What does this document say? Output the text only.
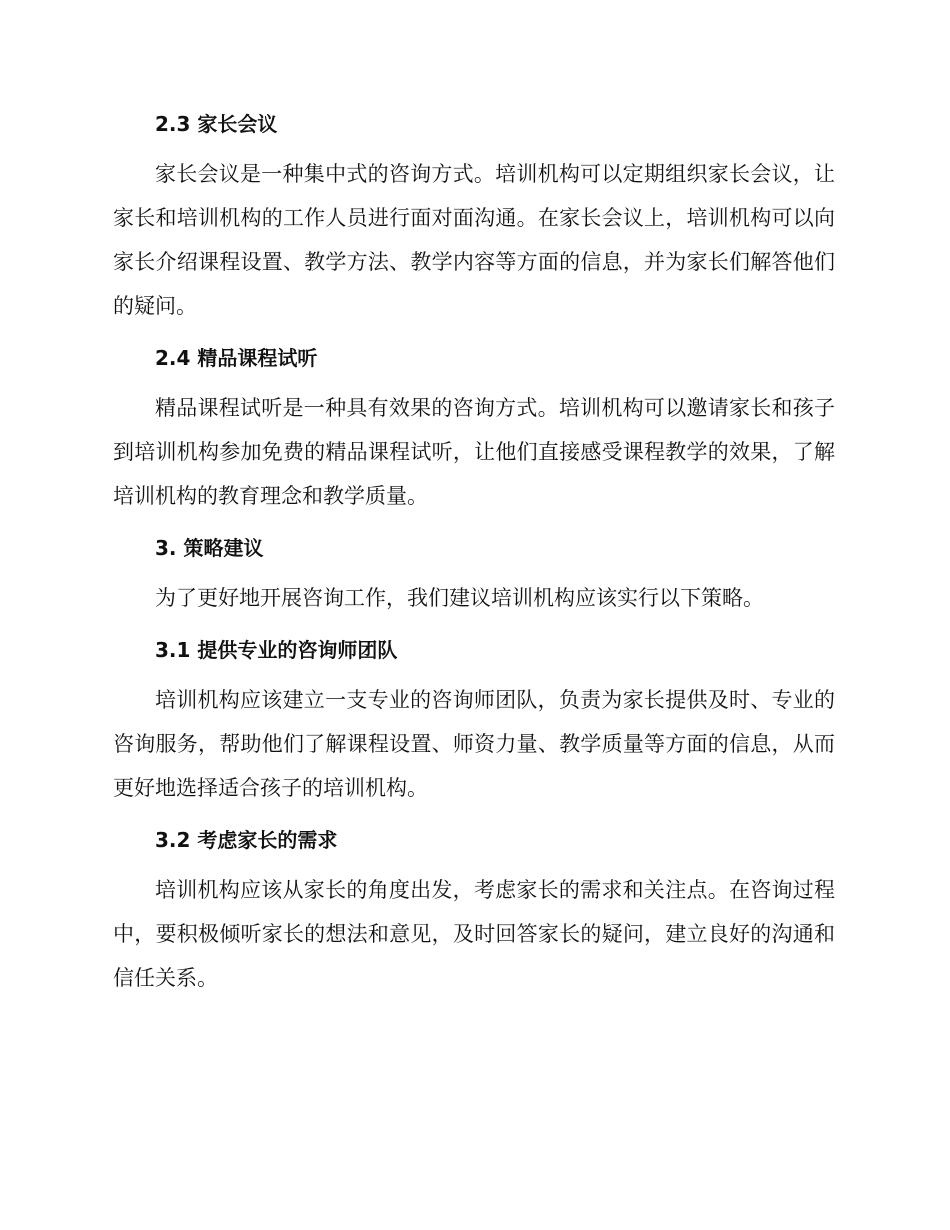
2.3 家长会议

家长会议是一种集中式的咨询方式。培训机构可以定期组织家长会议，让家长和培训机构的工作人员进行面对面沟通。在家长会议上，培训机构可以向家长介绍课程设置、教学方法、教学内容等方面的信息，并为家长们解答他们的疑问。

2.4 精品课程试听

精品课程试听是一种具有效果的咨询方式。培训机构可以邀请家长和孩子到培训机构参加免费的精品课程试听，让他们直接感受课程教学的效果，了解培训机构的教育理念和教学质量。

3. 策略建议

为了更好地开展咨询工作，我们建议培训机构应该实行以下策略。

3.1 提供专业的咨询师团队

培训机构应该建立一支专业的咨询师团队，负责为家长提供及时、专业的咨询服务，帮助他们了解课程设置、师资力量、教学质量等方面的信息，从而更好地选择适合孩子的培训机构。

3.2 考虑家长的需求

培训机构应该从家长的角度出发，考虑家长的需求和关注点。在咨询过程中，要积极倾听家长的想法和意见，及时回答家长的疑问，建立良好的沟通和信任关系。
